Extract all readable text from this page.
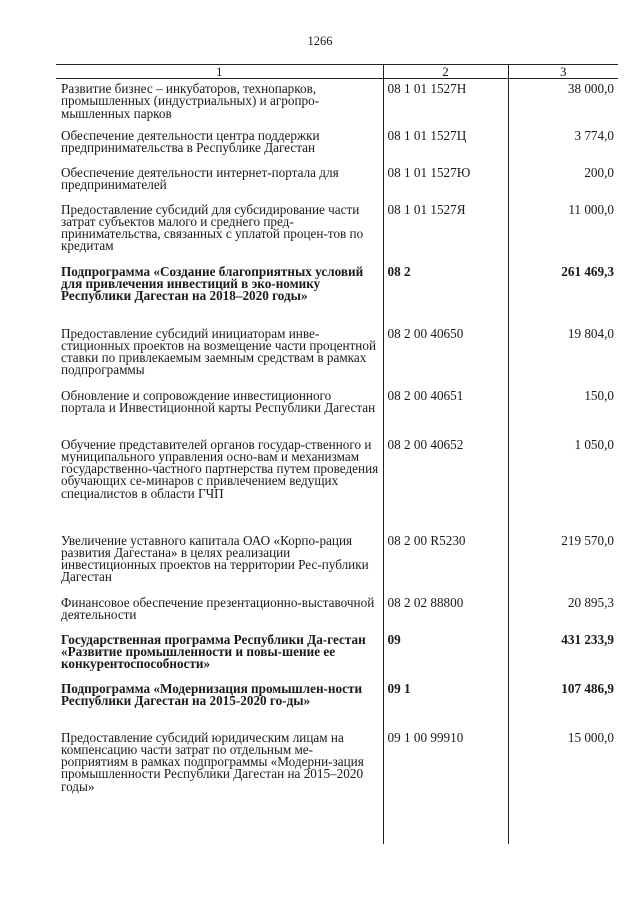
1266
1	2	3
Развитие бизнес – инкубаторов, технопарков, промышленных (индустриальных) и агропро-мышленных парков	08 1 01 1527Н	38 000,0
Обеспечение деятельности центра поддержки предпринимательства в Республике Дагестан	08 1 01 1527Ц	3 774,0
Обеспечение деятельности интернет-портала для предпринимателей	08 1 01 1527Ю	200,0
Предоставление субсидий для субсидирование части затрат субъектов малого и среднего пред-принимательства, связанных с уплатой процен-тов по кредитам	08 1 01 1527Я	11 000,0
Подпрограмма «Создание благоприятных условий для привлечения инвестиций в эко-номику Республики Дагестан на 2018–2020 годы»	08 2	261 469,3
Предоставление субсидий инициаторам инве-стиционных проектов на возмещение части процентной ставки по привлекаемым заемным средствам в рамках подпрограммы	08 2 00 40650	19 804,0
Обновление и сопровождение инвестиционного портала и Инвестиционной карты Республики Дагестан	08 2 00 40651	150,0
Обучение представителей органов государ-ственного и муниципального управления осно-вам и механизмам государственно-частного партнерства путем проведения обучающих се-минаров с привлечением ведущих специалистов в области ГЧП	08 2 00 40652	1 050,0
Увеличение уставного капитала ОАО «Корпо-рация развития Дагестана» в целях реализации инвестиционных проектов на территории Рес-публики Дагестан	08 2 00 R5230	219 570,0
Финансовое обеспечение презентационно-выставочной деятельности	08 2 02 88800	20 895,3
Государственная программа Республики Да-гестан «Развитие промышленности и повы-шение ее конкурентоспособности»	09	431 233,9
Подпрограмма «Модернизация промышлен-ности Республики Дагестан на 2015-2020 го-ды»	09 1	107 486,9
Предоставление субсидий юридическим лицам на компенсацию части затрат по отдельным ме-роприятиям в рамках подпрограммы «Модерни-зация промышленности Республики Дагестан на 2015–2020 годы»	09 1 00 99910	15 000,0
